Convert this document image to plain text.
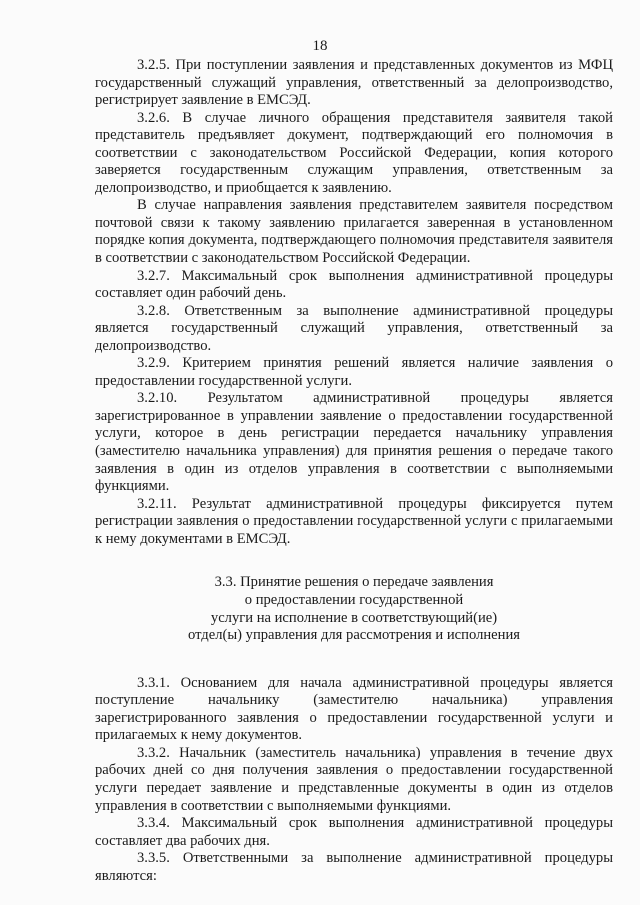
18

3.2.5. При поступлении заявления и представленных документов из МФЦ государственный служащий управления, ответственный за делопроизводство, регистрирует заявление в ЕМСЭД.

3.2.6. В случае личного обращения представителя заявителя такой представитель предъявляет документ, подтверждающий его полномочия в соответствии с законодательством Российской Федерации, копия которого заверяется государственным служащим управления, ответственным за делопроизводство, и приобщается к заявлению.

В случае направления заявления представителем заявителя посредством почтовой связи к такому заявлению прилагается заверенная в установленном порядке копия документа, подтверждающего полномочия представителя заявителя в соответствии с законодательством Российской Федерации.

3.2.7. Максимальный срок выполнения административной процедуры составляет один рабочий день.

3.2.8. Ответственным за выполнение административной процедуры является государственный служащий управления, ответственный за делопроизводство.

3.2.9. Критерием принятия решений является наличие заявления о предоставлении государственной услуги.

3.2.10. Результатом административной процедуры является зарегистрированное в управлении заявление о предоставлении государственной услуги, которое в день регистрации передается начальнику управления (заместителю начальника управления) для принятия решения о передаче такого заявления в один из отделов управления в соответствии с выполняемыми функциями.

3.2.11. Результат административной процедуры фиксируется путем регистрации заявления о предоставлении государственной услуги с прилагаемыми к нему документами в ЕМСЭД.

3.3. Принятие решения о передаче заявления
о предоставлении государственной
услуги на исполнение в соответствующий(ие)
отдел(ы) управления для рассмотрения и исполнения

3.3.1. Основанием для начала административной процедуры является поступление начальнику (заместителю начальника) управления зарегистрированного заявления о предоставлении государственной услуги и прилагаемых к нему документов.

3.3.2. Начальник (заместитель начальника) управления в течение двух рабочих дней со дня получения заявления о предоставлении государственной услуги передает заявление и представленные документы в один из отделов управления в соответствии с выполняемыми функциями.

3.3.4. Максимальный срок выполнения административной процедуры составляет два рабочих дня.

3.3.5. Ответственными за выполнение административной процедуры являются:
